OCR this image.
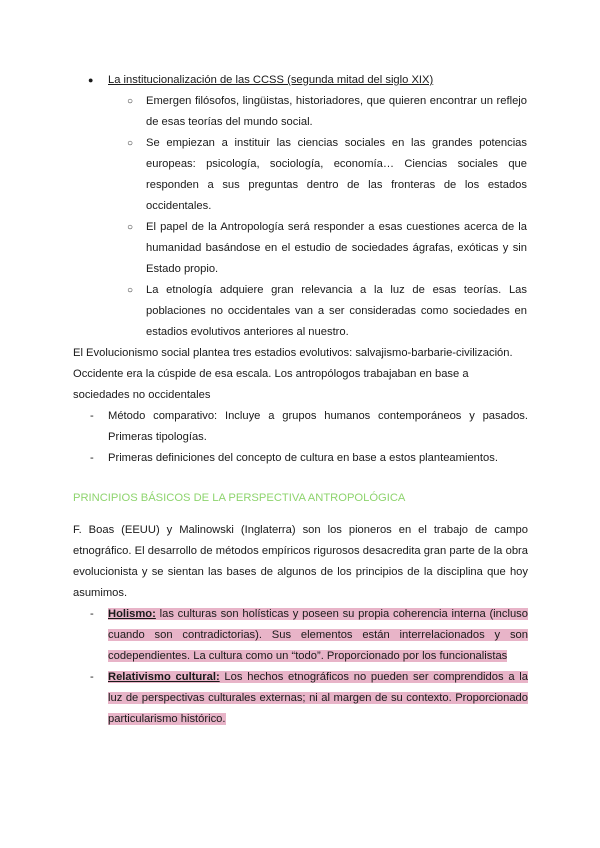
● La institucionalización de las CCSS (segunda mitad del siglo XIX)
○ Emergen filósofos, lingüistas, historiadores, que quieren encontrar un reflejo de esas teorías del mundo social.
○ Se empiezan a instituir las ciencias sociales en las grandes potencias europeas: psicología, sociología, economía… Ciencias sociales que responden a sus preguntas dentro de las fronteras de los estados occidentales.
○ El papel de la Antropología será responder a esas cuestiones acerca de la humanidad basándose en el estudio de sociedades ágrafas, exóticas y sin Estado propio.
○ La etnología adquiere gran relevancia a la luz de esas teorías. Las poblaciones no occidentales van a ser consideradas como sociedades en estadios evolutivos anteriores al nuestro.
El Evolucionismo social plantea tres estadios evolutivos: salvajismo-barbarie-civilización. Occidente era la cúspide de esa escala. Los antropólogos trabajaban en base a sociedades no occidentales
- Método comparativo: Incluye a grupos humanos contemporáneos y pasados. Primeras tipologías.
- Primeras definiciones del concepto de cultura en base a estos planteamientos.
PRINCIPIOS BÁSICOS DE LA PERSPECTIVA ANTROPOLÓGICA
F. Boas (EEUU) y Malinowski (Inglaterra) son los pioneros en el trabajo de campo etnográfico. El desarrollo de métodos empíricos rigurosos desacredita gran parte de la obra evolucionista y se sientan las bases de algunos de los principios de la disciplina que hoy asumimos.
- Holismo: las culturas son holísticas y poseen su propia coherencia interna (incluso cuando son contradictorias). Sus elementos están interrelacionados y son codependientes. La cultura como un “todo”. Proporcionado por los funcionalistas
- Relativismo cultural: Los hechos etnográficos no pueden ser comprendidos a la luz de perspectivas culturales externas; ni al margen de su contexto. Proporcionado particularismo histórico.
